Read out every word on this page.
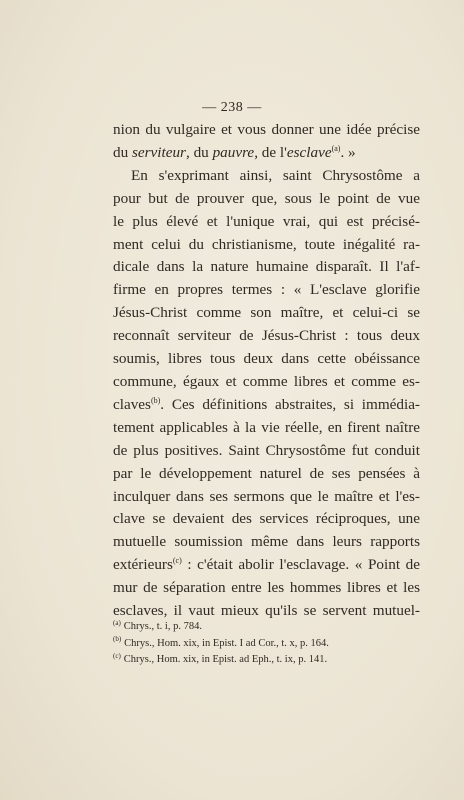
— 238 —
nion du vulgaire et vous donner une idée précise
du serviteur, du pauvre, de l'esclave$^{(a)}$. »
En s'exprimant ainsi, saint Chrysostôme a
pour but de prouver que, sous le point de vue
le plus élevé et l'unique vrai, qui est précisé-
ment celui du christianisme, toute inégalité ra-
dicale dans la nature humaine disparaît. Il l'af-
firme en propres termes : « L'esclave glorifie
Jésus-Christ comme son maître, et celui-ci se
reconnaît serviteur de Jésus-Christ : tous deux
soumis, libres tous deux dans cette obéissance
commune, égaux et comme libres et comme es-
claves$^{(b)}$. Ces définitions abstraites, si immédia-
tement applicables à la vie réelle, en firent naître
de plus positives. Saint Chrysostôme fut conduit
par le développement naturel de ses pensées à
inculquer dans ses sermons que le maître et l'es-
clave se devaient des services réciproques, une
mutuelle soumission même dans leurs rapports
extérieurs$^{(c)}$ : c'était abolir l'esclavage. « Point de
mur de séparation entre les hommes libres et les
esclaves, il vaut mieux qu'ils se servent mutuel-
$^{(a)}$ Chrys., t. i, p. 784.
$^{(b)}$ Chrys., Hom. xix, in Epist. I ad Cor., t. x, p. 164.
$^{(c)}$ Chrys., Hom. xix, in Epist. ad Eph., t. ix, p. 141.
